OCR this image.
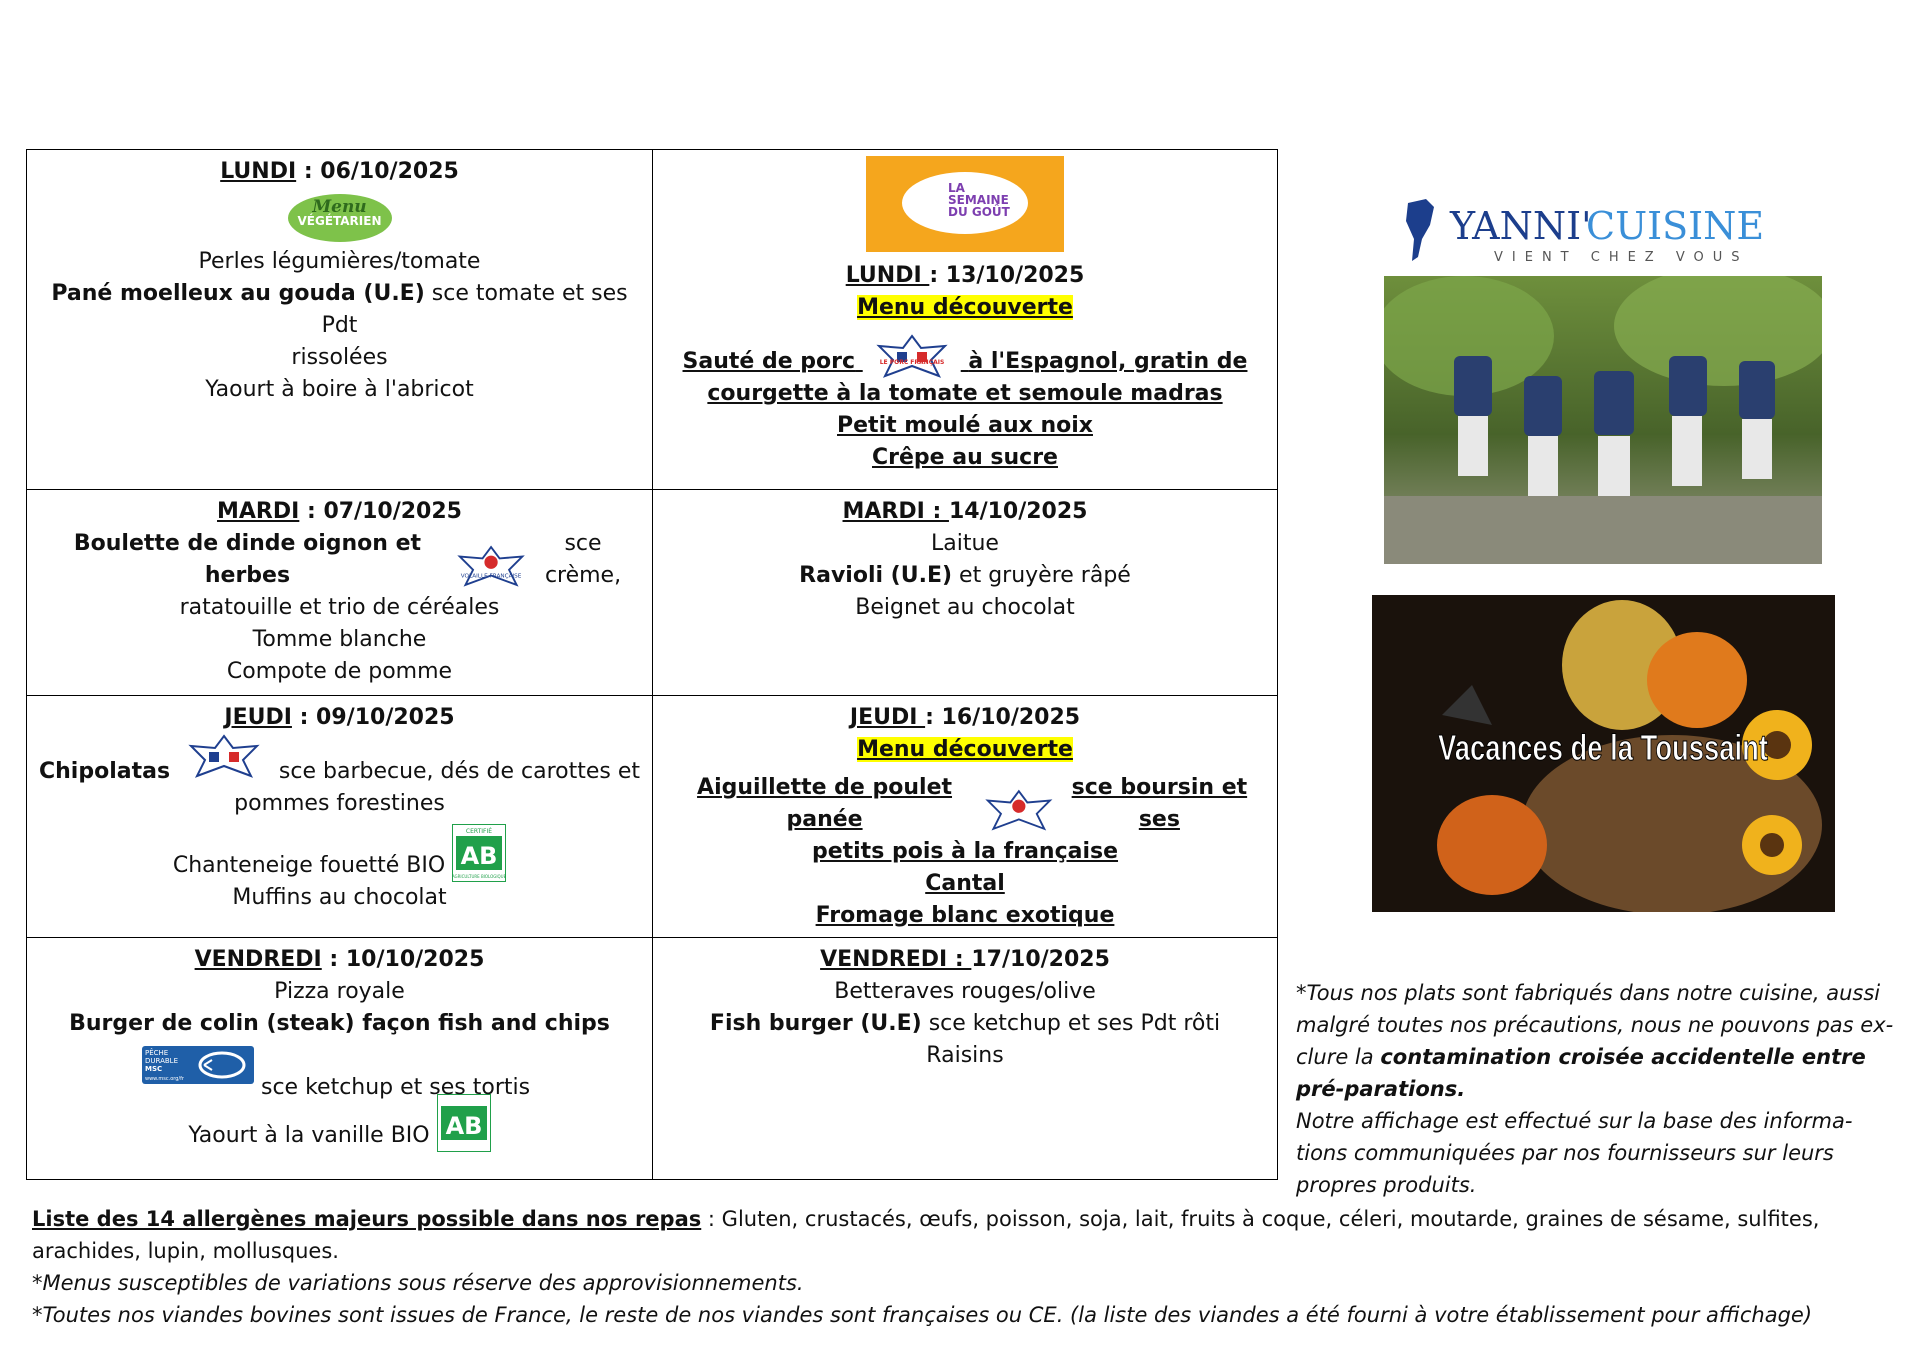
LUNDI : 06/10/2025
Menu
VÉGÉTARIEN
Perles légumières/tomate
Pané moelleux au gouda (U.E) sce tomate et ses Pdt
rissolées
Yaourt à boire à l'abricot
LA SEMAINE DU GOÛT
LUNDI : 13/10/2025
Menu découverte
Sauté de porc	LE PORC FRANÇAIS à l'Espagnol, gratin de
courgette à la tomate et semoule madras
Petit moulé aux noix
Crêpe au sucre
MARDI : 07/10/2025
Boulette de dinde oignon et herbes	VOLAILLE FRANÇAISE
sce crème,
ratatouille et trio de céréales
Tomme blanche
Compote de pomme
MARDI : 14/10/2025
Laitue
Ravioli (U.E) et gruyère râpé
Beignet au chocolat
JEUDI : 09/10/2025
Chipolatas	sce barbecue, dés de carottes et
pommes forestines
Chanteneige fouetté BIO
CERTIFIÉ
AB
AGRICULTURE BIOLOGIQUE
Muffins au chocolat
JEUDI : 16/10/2025
Menu découverte
Aiguillette de poulet panée
sce boursin et ses
petits pois à la française
Cantal
Fromage blanc exotique
VENDREDI : 10/10/2025
Pizza royale
Burger de colin (steak) façon fish and chips
PÊCHE
DURABLE
MSC
www.msc.org/fr	sce ketchup et ses tortis
Yaourt à la vanille BIO AB
VENDREDI : 17/10/2025
Betteraves rouges/olive
Fish burger (U.E) sce ketchup et ses Pdt rôti
Raisins
YANNI'
CUISINE
VIENT CHEZ VOUS
Vacances de la Toussaint
*Tous nos plats sont fabriqués dans notre cuisine, aussi malgré toutes nos précautions, nous ne pouvons pas ex-clure la contamination croisée accidentelle entre pré-parations.
Notre affichage est effectué sur la base des informa-tions communiquées par nos fournisseurs sur leurs propres produits.
Liste des 14 allergènes majeurs possible dans nos repas : Gluten, crustacés, œufs, poisson, soja, lait, fruits à coque, céleri, moutarde, graines de sésame, sulfites, arachides, lupin, mollusques.
*Menus susceptibles de variations sous réserve des approvisionnements.
*Toutes nos viandes bovines sont issues de France, le reste de nos viandes sont françaises ou CE. (la liste des viandes a été fourni à votre établissement pour affichage)
